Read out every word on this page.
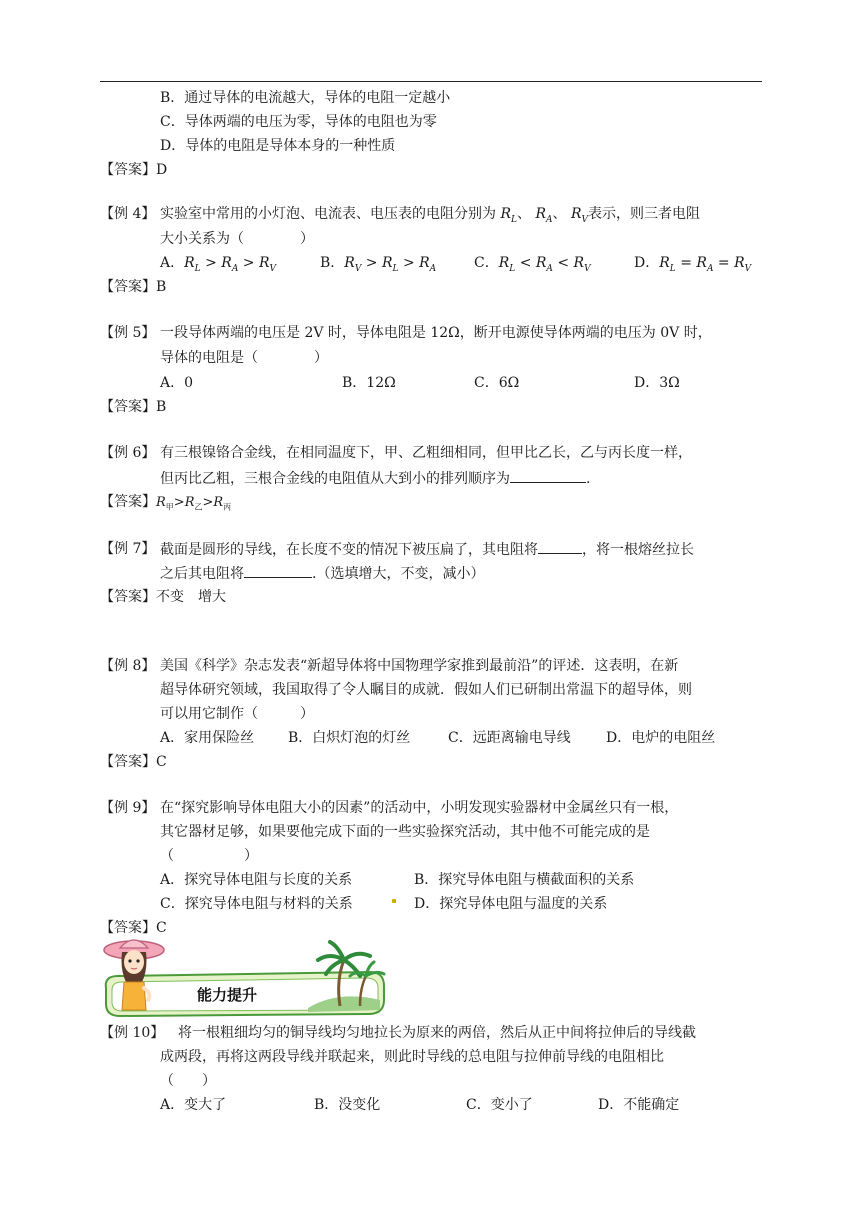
B．通过导体的电流越大，导体的电阻一定越小
C．导体两端的电压为零，导体的电阻也为零
D．导体的电阻是导体本身的一种性质
【答案】D
【例 4】 实验室中常用的小灯泡、电流表、电压表的电阻分别为 $R_L$、 $R_A$、 $R_V$表示，则三者电阻
大小关系为（　　　　）
A．$R_L > R_A > R_V$	B．$R_V > R_L > R_A$	C．$R_L < R_A < R_V$	D．$R_L = R_A = R_V$
【答案】B
【例 5】 一段导体两端的电压是 2V 时，导体电阻是 12Ω，断开电源使导体两端的电压为 0V 时，
导体的电阻是（　　　　）
A．0	B．12Ω	C．6Ω	D．3Ω
【答案】B
【例 6】 有三根镍铬合金线，在相同温度下，甲、乙粗细相同，但甲比乙长，乙与丙长度一样，
但丙比乙粗，三根合金线的电阻值从大到小的排列顺序为	.
【答案】$R_甲>R_乙>R_丙$
【例 7】 截面是圆形的导线，在长度不变的情况下被压扁了，其电阻将	，将一根熔丝拉长
之后其电阻将	.（选填增大，不变，减小）
【答案】不变　增大
【例 8】 美国《科学》杂志发表“新超导体将中国物理学家推到最前沿”的评述．这表明，在新
超导体研究领域，我国取得了令人瞩目的成就．假如人们已研制出常温下的超导体，则
可以用它制作（　　　）
A．家用保险丝 B．白炽灯泡的灯丝	C．远距离输电导线	D．电炉的电阻丝
【答案】C
【例 9】 在“探究影响导体电阻大小的因素”的活动中，小明发现实验器材中金属丝只有一根，
其它器材足够，如果要他完成下面的一些实验探究活动，其中他不可能完成的是
（　　　　　）
A．探究导体电阻与长度的关系	B．探究导体电阻与横截面积的关系
C．探究导体电阻与材料的关系	D．探究导体电阻与温度的关系
【答案】C
能力提升
【例 10】 将一根粗细均匀的铜导线均匀地拉长为原来的两倍，然后从正中间将拉伸后的导线截
成两段，再将这两段导线并联起来，则此时导线的总电阻与拉伸前导线的电阻相比
（　　）
A．变大了	B．没变化	C．变小了	D．不能确定
